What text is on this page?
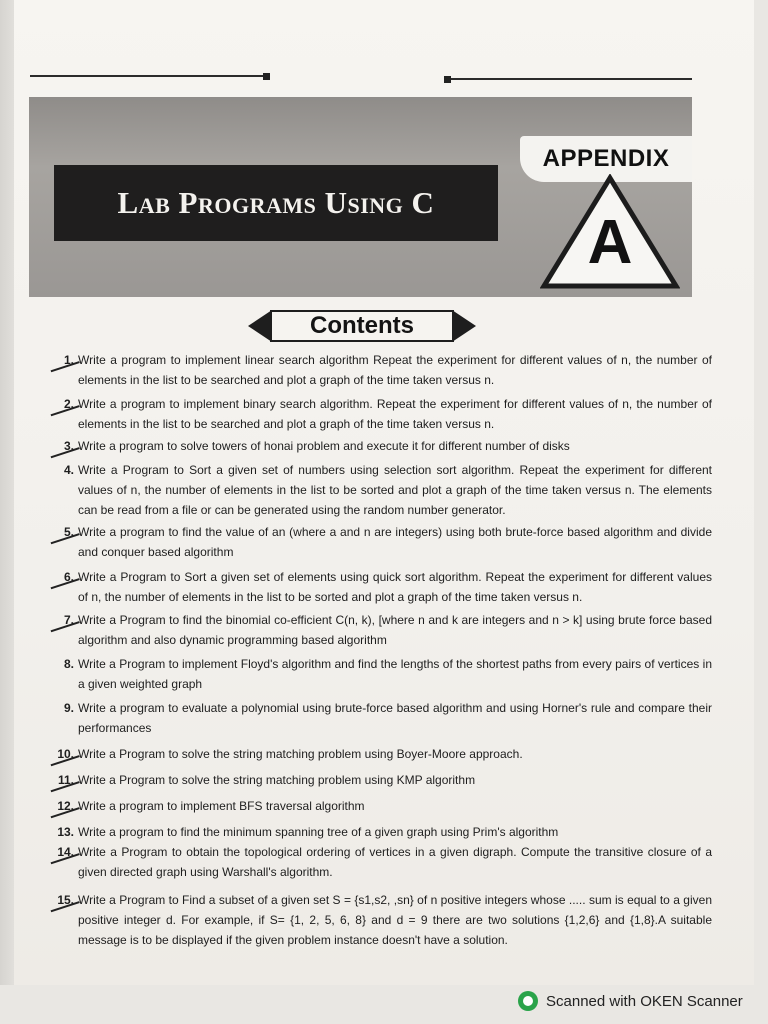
Lab Programs Using C
APPENDIX
A
Contents
1. Write a program to implement linear search algorithm Repeat the experiment for different values of n, the number of elements in the list to be searched and plot a graph of the time taken versus n.
2. Write a program to implement binary search algorithm. Repeat the experiment for different values of n, the number of elements in the list to be searched and plot a graph of the time taken versus n.
3. Write a program to solve towers of honai problem and execute it for different number of disks
4. Write a Program to Sort a given set of numbers using selection sort algorithm. Repeat the experiment for different values of n, the number of elements in the list to be sorted and plot a graph of the time taken versus n. The elements can be read from a file or can be generated using the random number generator.
5. Write a program to find the value of an (where a and n are integers) using both brute-force based algorithm and divide and conquer based algorithm
6. Write a Program to Sort a given set of elements using quick sort algorithm. Repeat the experiment for different values of n, the number of elements in the list to be sorted and plot a graph of the time taken versus n.
7. Write a Program to find the binomial co-efficient C(n, k), [where n and k are integers and n > k] using brute force based algorithm and also dynamic programming based algorithm
8. Write a Program to implement Floyd's algorithm and find the lengths of the shortest paths from every pairs of vertices in a given weighted graph
9. Write a program to evaluate a polynomial using brute-force based algorithm and using Horner's rule and compare their performances
10. Write a Program to solve the string matching problem using Boyer-Moore approach.
11. Write a Program to solve the string matching problem using KMP algorithm
12. Write a program to implement BFS traversal algorithm
13. Write a program to find the minimum spanning tree of a given graph using Prim's algorithm
14. Write a Program to obtain the topological ordering of vertices in a given digraph. Compute the transitive closure of a given directed graph using Warshall's algorithm.
15. Write a Program to Find a subset of a given set S = {s1,s2, ,sn} of n positive integers whose ..... sum is equal to a given positive integer d. For example, if S= {1, 2, 5, 6, 8} and d = 9 there are two solutions {1,2,6} and {1,8}.A suitable message is to be displayed if the given problem instance doesn't have a solution.
Scanned with OKEN Scanner
